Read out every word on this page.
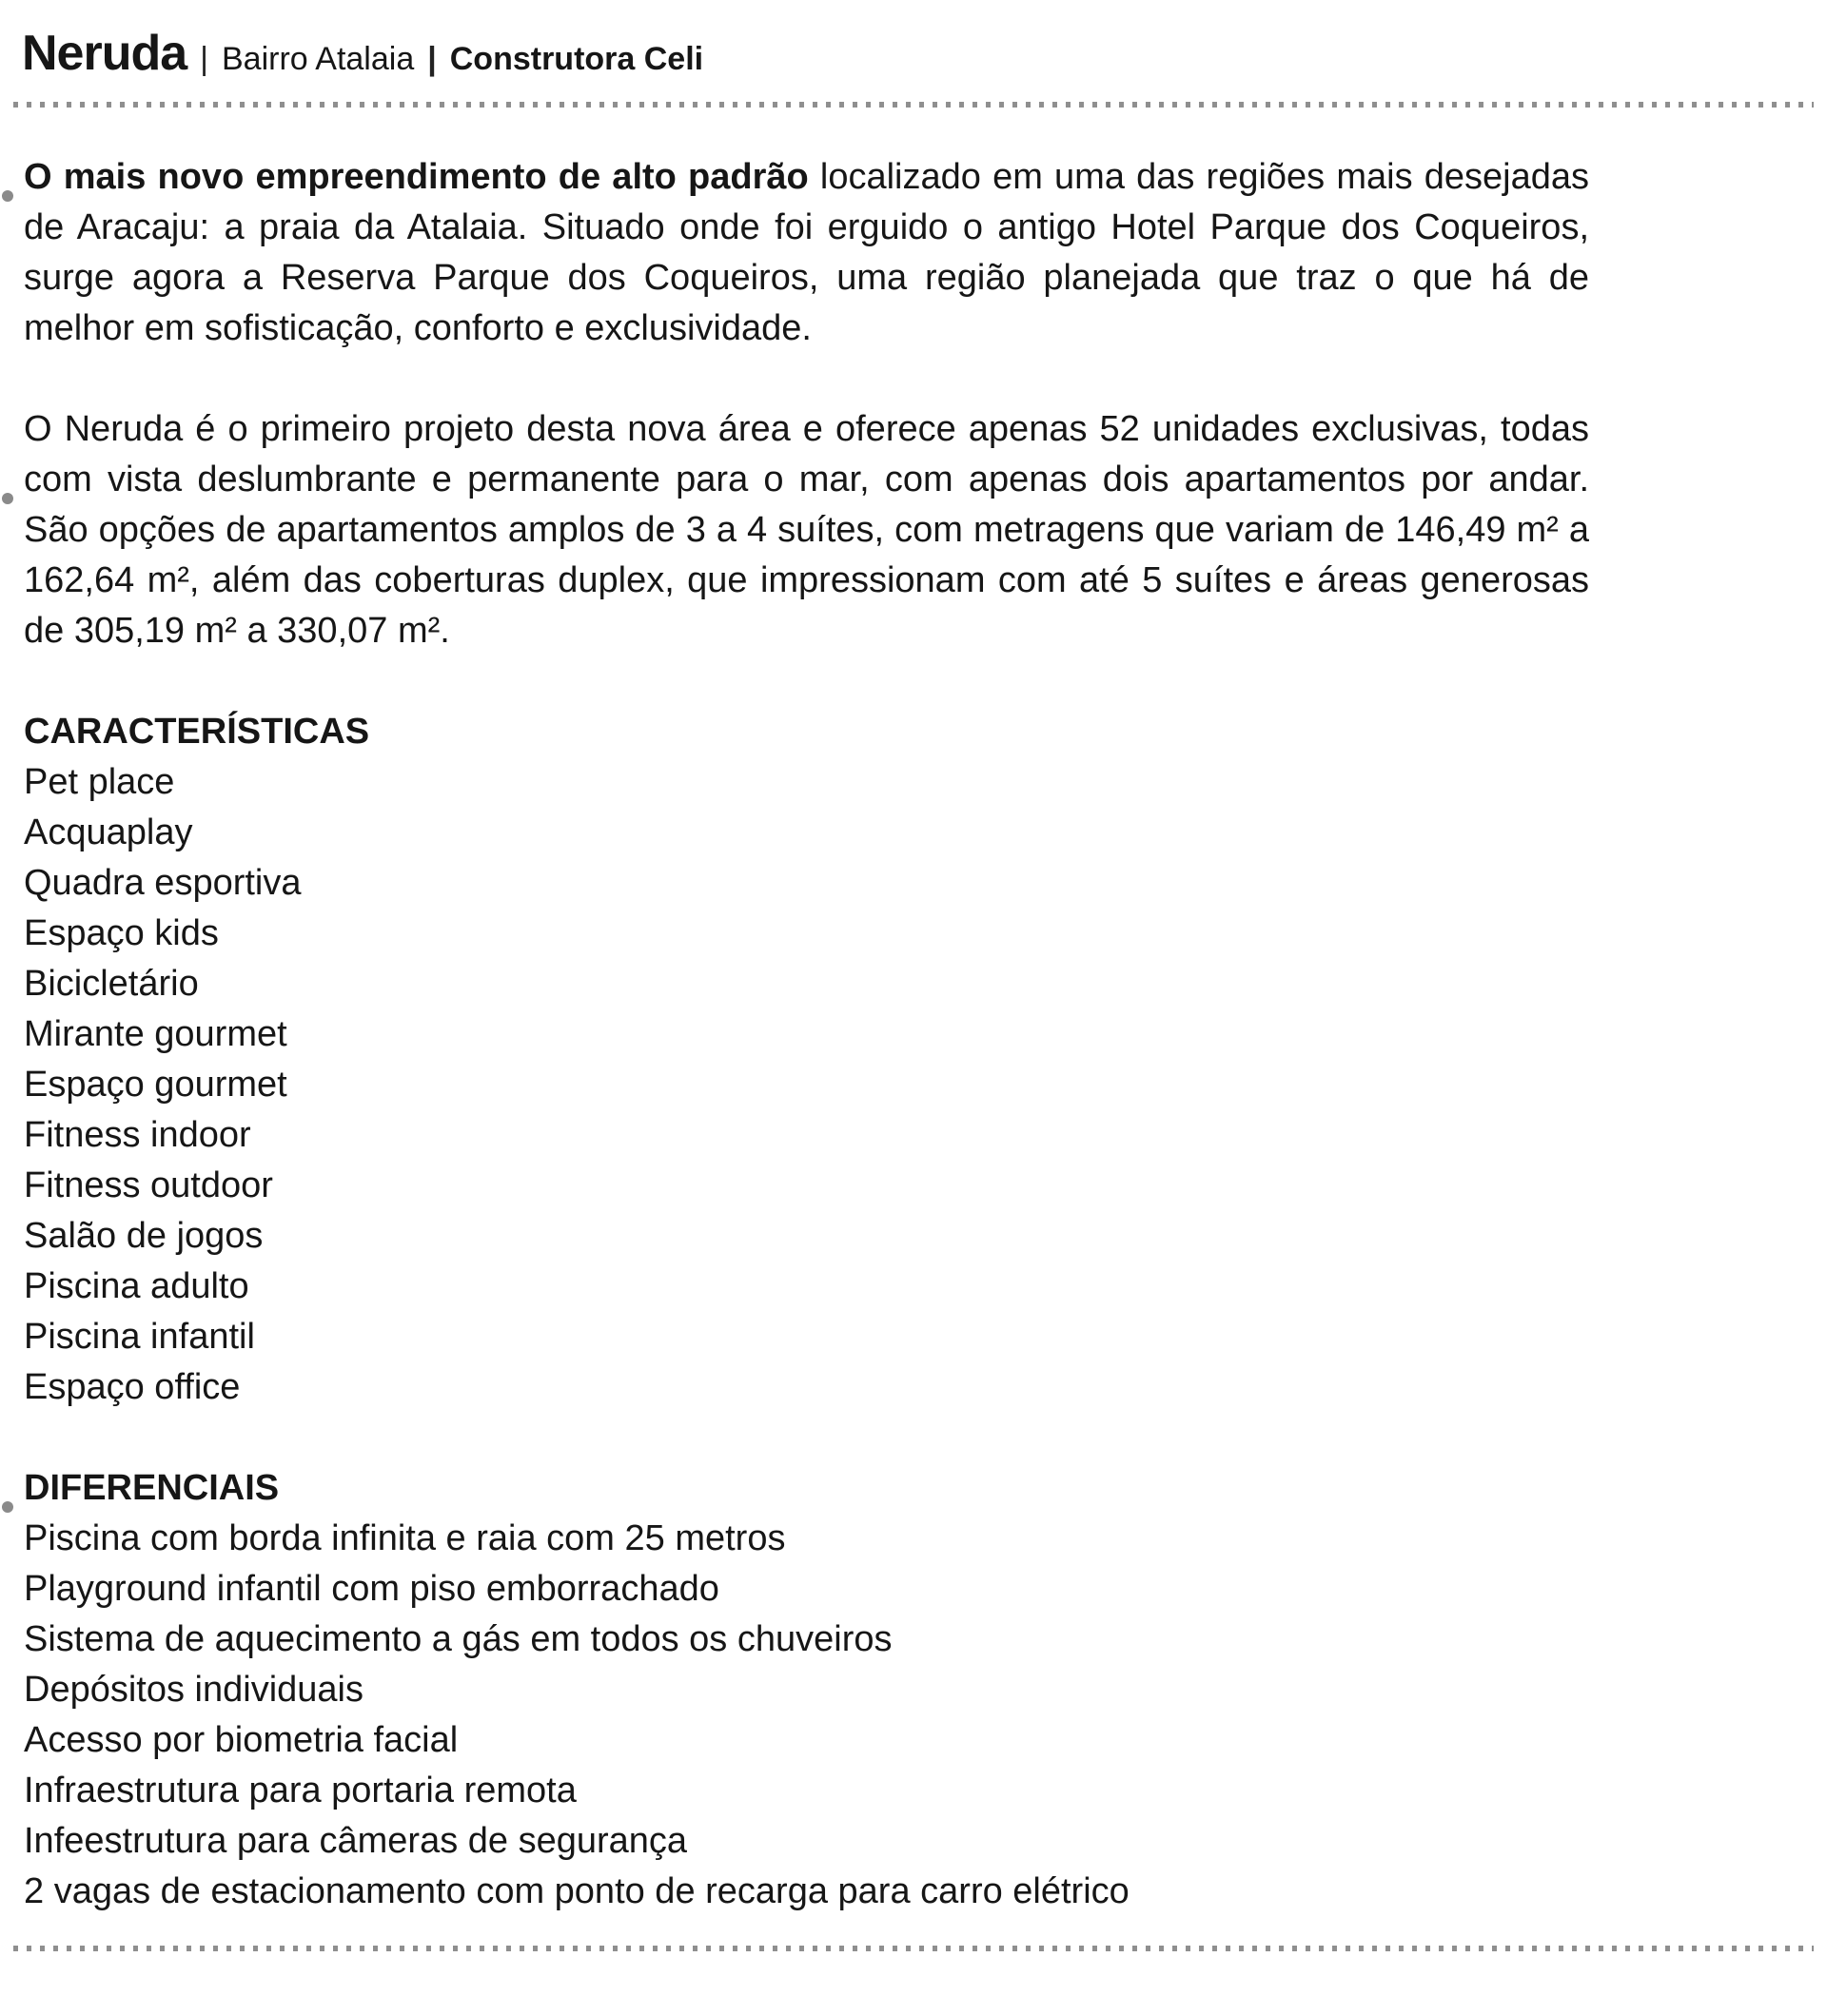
Neruda | Bairro Atalaia | Construtora Celi

O mais novo empreendimento de alto padrão localizado em uma das regiões mais desejadas de Aracaju: a praia da Atalaia. Situado onde foi erguido o antigo Hotel Parque dos Coqueiros, surge agora a Reserva Parque dos Coqueiros, uma região planejada que traz o que há de melhor em sofisticação, conforto e exclusividade.

O Neruda é o primeiro projeto desta nova área e oferece apenas 52 unidades exclusivas, todas com vista deslumbrante e permanente para o mar, com apenas dois apartamentos por andar. São opções de apartamentos amplos de 3 a 4 suítes, com metragens que variam de 146,49 m² a 162,64 m², além das coberturas duplex, que impressionam com até 5 suítes e áreas generosas de 305,19 m² a 330,07 m².

CARACTERÍSTICAS
Pet place
Acquaplay
Quadra esportiva
Espaço kids
Bicicletário
Mirante gourmet
Espaço gourmet
Fitness indoor
Fitness outdoor
Salão de jogos
Piscina adulto
Piscina infantil
Espaço office
DIFERENCIAIS
Piscina com borda infinita e raia com 25 metros
Playground infantil com piso emborrachado
Sistema de aquecimento a gás em todos os chuveiros
Depósitos individuais
Acesso por biometria facial
Infraestrutura para portaria remota
Infeestrutura para câmeras de segurança
2 vagas de estacionamento com ponto de recarga para carro elétrico
